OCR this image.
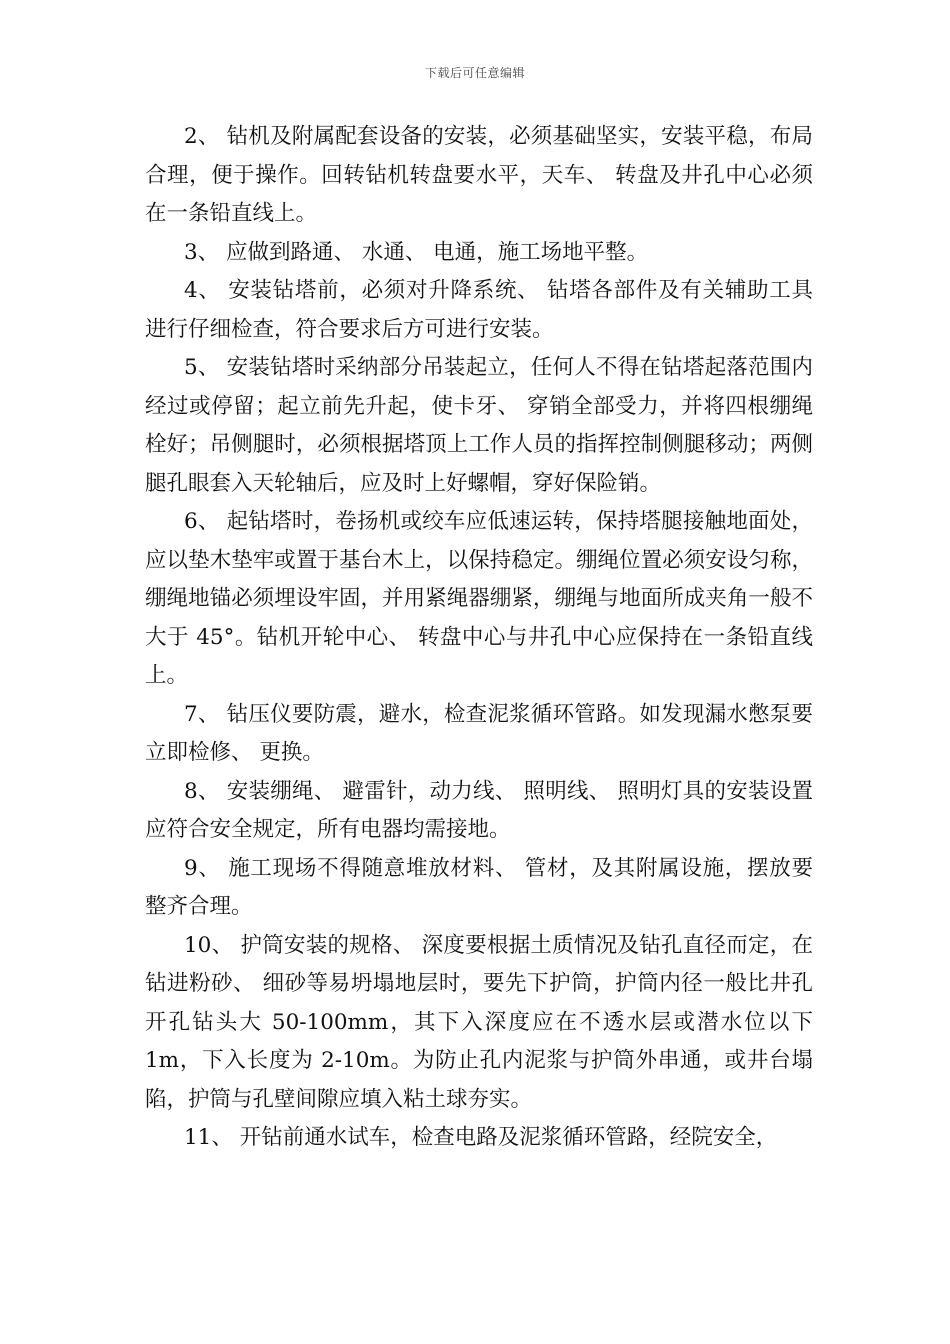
下载后可任意编辑

2、 钻机及附属配套设备的安装，必须基础坚实，安装平稳，布局合理，便于操作。回转钻机转盘要水平，天车、 转盘及井孔中心必须在一条铅直线上。

3、 应做到路通、 水通、 电通，施工场地平整。

4、 安装钻塔前，必须对升降系统、 钻塔各部件及有关辅助工具进行仔细检查，符合要求后方可进行安装。

5、 安装钻塔时采纳部分吊装起立，任何人不得在钻塔起落范围内经过或停留；起立前先升起，使卡牙、 穿销全部受力，并将四根绷绳栓好；吊侧腿时，必须根据塔顶上工作人员的指挥控制侧腿移动；两侧腿孔眼套入天轮轴后，应及时上好螺帽，穿好保险销。

6、 起钻塔时，卷扬机或绞车应低速运转，保持塔腿接触地面处，应以垫木垫牢或置于基台木上，以保持稳定。绷绳位置必须安设匀称，绷绳地锚必须埋设牢固，并用紧绳器绷紧，绷绳与地面所成夹角一般不大于 45°。钻机开轮中心、 转盘中心与井孔中心应保持在一条铅直线上。

7、 钻压仪要防震，避水，检查泥浆循环管路。如发现漏水憋泵要立即检修、 更换。

8、 安装绷绳、 避雷针，动力线、 照明线、 照明灯具的安装设置应符合安全规定，所有电器均需接地。

9、 施工现场不得随意堆放材料、 管材，及其附属设施，摆放要整齐合理。

10、 护筒安装的规格、 深度要根据土质情况及钻孔直径而定，在钻进粉砂、 细砂等易坍塌地层时，要先下护筒，护筒内径一般比井孔开孔钻头大 50-100mm，其下入深度应在不透水层或潜水位以下 1m，下入长度为 2-10m。为防止孔内泥浆与护筒外串通，或井台塌陷，护筒与孔壁间隙应填入粘土球夯实。

11、 开钻前通水试车，检查电路及泥浆循环管路，经院安全，
